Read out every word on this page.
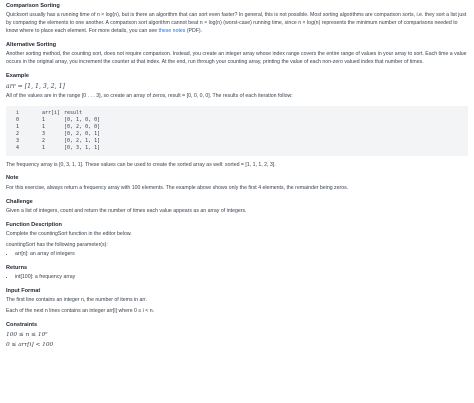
Comparison Sorting

Quicksort usually has a running time of n × log(n), but is there an algorithm that can sort even faster? In general, this is not possible. Most sorting algorithms are comparison sorts, i.e. they sort a list just by comparing the elements to one another. A comparison sort algorithm cannot beat n × log(n) (worst-case) running time, since n × log(n) represents the minimum number of comparisons needed to know where to place each element. For more details, you can see these notes (PDF).

Alternative Sorting

Another sorting method, the counting sort, does not require comparison. Instead, you create an integer array whose index range covers the entire range of values in your array to sort. Each time a value occurs in the original array, you increment the counter at that index. At the end, run through your counting array, printing the value of each non-zero valued index that number of times.

Example
arr = [1, 1, 3, 2, 1]

All of the values are in the range [0 . . . 3], so create an array of zeros, result = [0, 0, 0, 0]. The results of each iteration follow:

i	arr[i] result
0	1	[0, 1, 0, 0]
1	1	[0, 2, 0, 0]
2	3	[0, 2, 0, 1]
3	2	[0, 2, 1, 1]
4	1	[0, 3, 1, 1]

The frequency array is [0, 3, 1, 1]. These values can be used to create the sorted array as well: sorted = [1, 1, 1, 2, 3].

Note

For this exercise, always return a frequency array with 100 elements. The example above shows only the first 4 elements, the remainder being zeros.

Challenge

Given a list of integers, count and return the number of times each value appears as an array of integers.

Function Description

Complete the countingSort function in the editor below.

countingSort has the following parameter(s):

• arr[n]: an array of integers
Returns
• int[100]: a frequency array
Input Format

The first line contains an integer n, the number of items in arr.

Each of the next n lines contains an integer arr[i] where 0 ≤ i < n.

Constraints
100 ≤ n ≤ 10⁶
0 ≤ arr[i] < 100
